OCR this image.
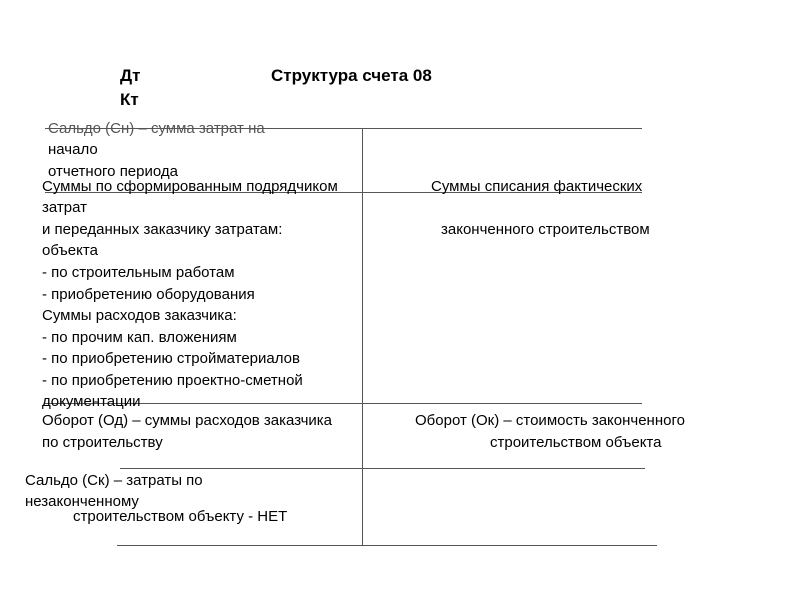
Дт	Структура счета 08
Кт
Сальдо (Сн) – сумма затрат на
начало
отчетного периода
Суммы по сформированным подрядчиком
затрат
и переданных заказчику затратам:
объекта
- по строительным работам
- приобретению оборудования
Суммы расходов заказчика:
- по прочим кап. вложениям
- по приобретению стройматериалов
- по приобретению проектно-сметной
документации
Суммы списания фактических
законченного строительством
Оборот (Од) – суммы расходов заказчика
по строительству
Оборот (Ок) – стоимость законченного
строительством объекта
Сальдо (Ск) – затраты по
незаконченному
строительством объекту - НЕТ
